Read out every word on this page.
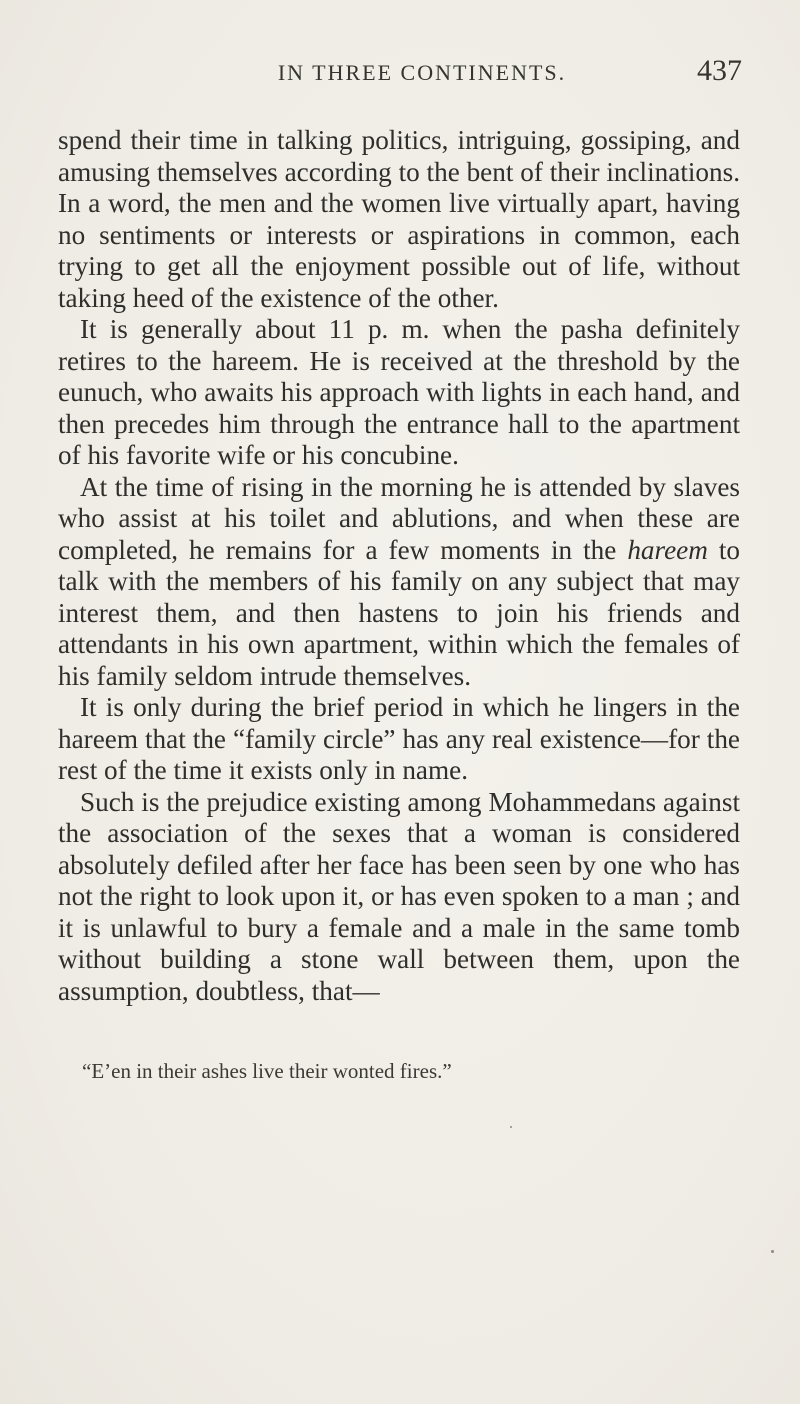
IN THREE CONTINENTS.	437

spend their time in talking politics, intriguing, gossiping, and amusing themselves according to the bent of their inclinations. In a word, the men and the women live virtually apart, having no sentiments or interests or aspirations in common, each trying to get all the enjoyment possible out of life, without taking heed of the existence of the other.

It is generally about 11 p. m. when the pasha definitely retires to the hareem. He is received at the threshold by the eunuch, who awaits his approach with lights in each hand, and then precedes him through the entrance hall to the apartment of his favorite wife or his concubine.

At the time of rising in the morning he is attended by slaves who assist at his toilet and ablutions, and when these are completed, he remains for a few moments in the hareem to talk with the members of his family on any subject that may interest them, and then hastens to join his friends and attendants in his own apartment, within which the females of his family seldom intrude themselves.

It is only during the brief period in which he lingers in the hareem that the “family circle” has any real existence—for the rest of the time it exists only in name.

Such is the prejudice existing among Mohammedans against the association of the sexes that a woman is considered absolutely defiled after her face has been seen by one who has not the right to look upon it, or has even spoken to a man ; and it is unlawful to bury a female and a male in the same tomb without building a stone wall between them, upon the assumption, doubtless, that—

“E’en in their ashes live their wonted fires.”
